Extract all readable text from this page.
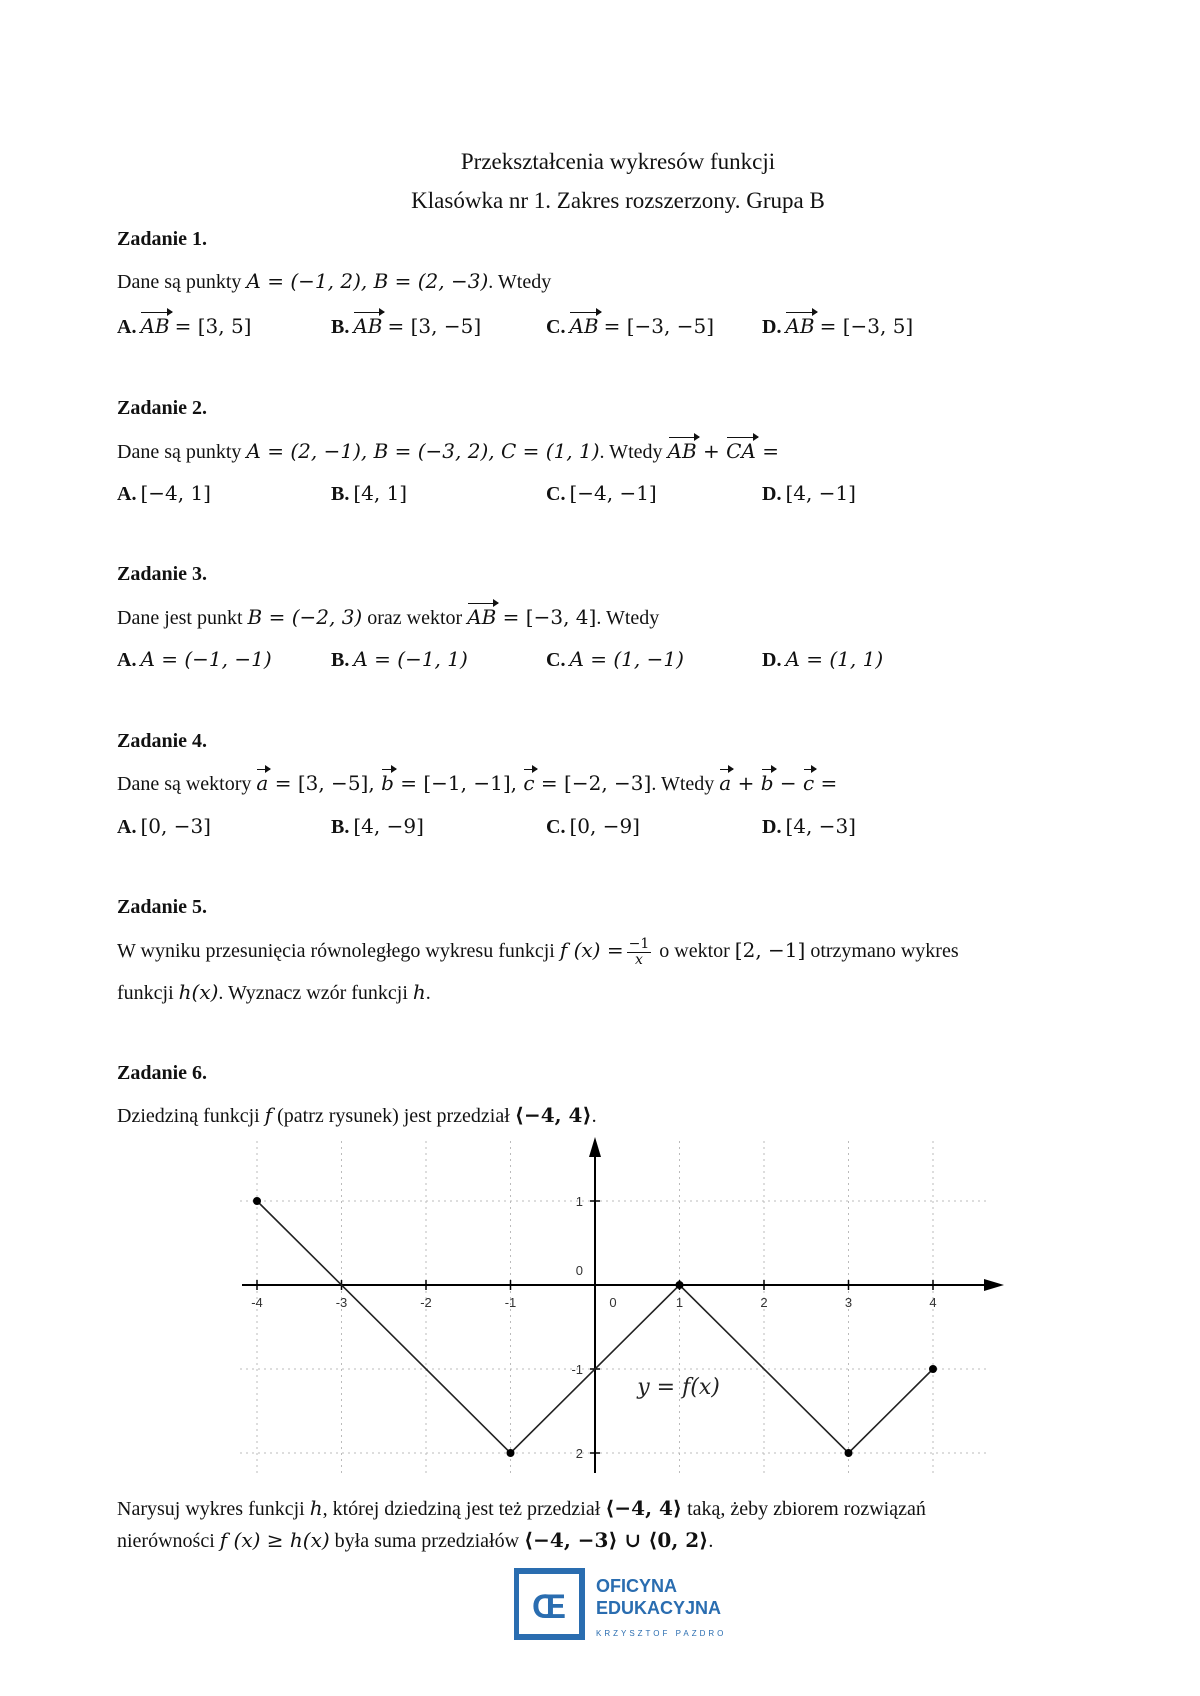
Przekształcenia wykresów funkcji
Klasówka nr 1. Zakres rozszerzony. Grupa B
Zadanie 1.
Dane są punkty A = (−1, 2), B = (2, −3). Wtedy
A. AB = [3, 5]	B. AB = [3, −5]	C. AB = [−3, −5] D. AB = [−3, 5]
Zadanie 2.
Dane są punkty A = (2, −1), B = (−3, 2), C = (1, 1). Wtedy AB + CA =
A. [−4, 1]	B. [4, 1]	C. [−4, −1]	D. [4, −1]
Zadanie 3.
Dane jest punkt B = (−2, 3) oraz wektor AB = [−3, 4]. Wtedy
A. A = (−1, −1)	B. A = (−1, 1)	C. A = (1, −1)	D. A = (1, 1)
Zadanie 4.
Dane są wektory a = [3, −5], b = [−1, −1], c = [−2, −3]. Wtedy a + b − c =
A. [0, −3]	B. [4, −9]	C. [0, −9]	D. [4, −3]
Zadanie 5.
W wyniku przesunięcia równoległego wykresu funkcji f $(x) = \frac{-1}{x}$ o wektor [2, −1] otrzymano wykres
funkcji h(x). Wyznacz wzór funkcji h.
Zadanie 6.
Dziedziną funkcji f (patrz rysunek) jest przedział ⟨−4, 4⟩.
-4	-3	-2	-1	0	1	2	3	4
1
0
-1
2
y = f(x)
Narysuj wykres funkcji h, której dziedziną jest też przedział ⟨−4, 4⟩ taką, żeby zbiorem rozwiązań
nierówności f (x) ≥ h(x) była suma przedziałów ⟨−4, −3⟩ ∪ ⟨0, 2⟩.
Œ
OFICYNA
EDUKACYJNA
KRZYSZTOF PAZDRO
